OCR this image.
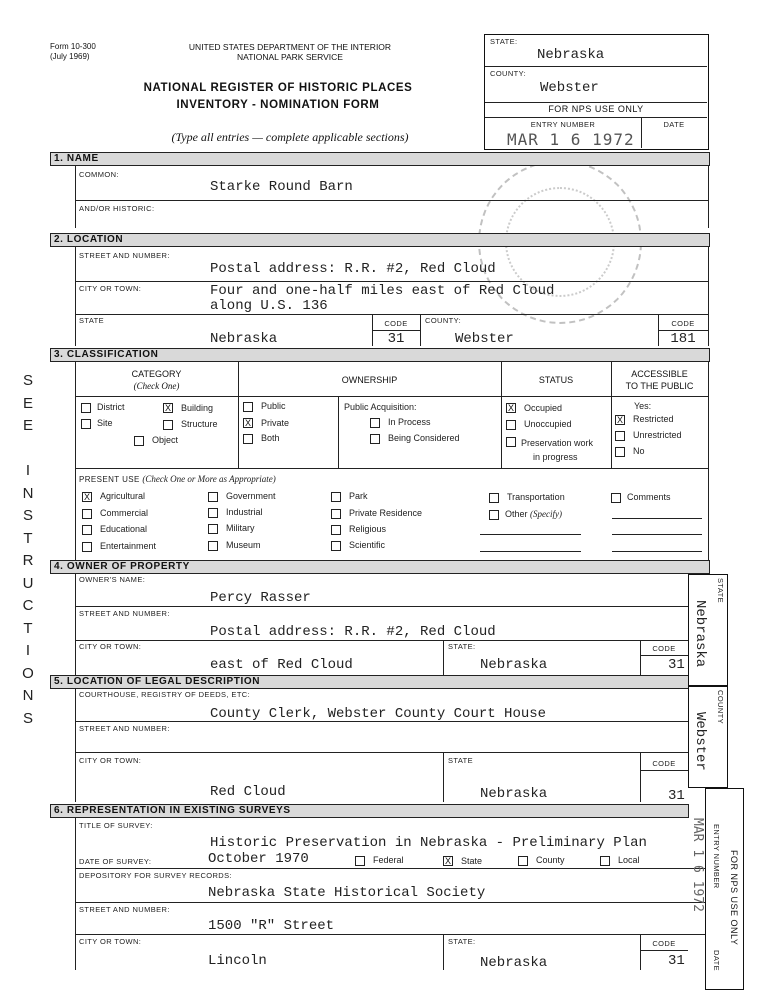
Form 10-300
(July 1969)
UNITED STATES DEPARTMENT OF THE INTERIOR
NATIONAL PARK SERVICE
NATIONAL REGISTER OF HISTORIC PLACES
INVENTORY - NOMINATION FORM
(Type all entries — complete applicable sections)
STATE:
Nebraska
COUNTY:
Webster
FOR NPS USE ONLY
ENTRY NUMBER	DATE
MAR 1 6 1972
S
E
E

I
N
S
T
R
U
C
T
I
O
N
S
1. NAME
COMMON:
Starke Round Barn
AND/OR HISTORIC:
2. LOCATION
STREET AND NUMBER:
Postal address: R.R. #2, Red Cloud
CITY OR TOWN:	Four and one-half miles east of Red Cloud
along U.S. 136
STATE
Nebraska
CODE
31
COUNTY:
Webster
CODE
181
3. CLASSIFICATION
CATEGORY
(Check One)
OWNERSHIP	STATUS
ACCESSIBLE
TO THE PUBLIC
District	X Building
Site	Structure
Object
Public
X Private
Both
Public Acquisition:
In Process
Being Considered
X Occupied
Unoccupied
Preservation work
in progress
Yes:
X Restricted
Unrestricted
No
PRESENT USE (Check One or More as Appropriate)
X Agricultural
Commercial
Educational
Entertainment
Government
Industrial
Military
Museum
Park
Private Residence
Religious
Scientific
Transportation
Other (Specify)
Comments
4. OWNER OF PROPERTY
OWNER'S NAME:
Percy Rasser
STREET AND NUMBER:
Postal address: R.R. #2, Red Cloud
CITY OR TOWN:
east of Red Cloud
STATE:
Nebraska
CODE
31
5. LOCATION OF LEGAL DESCRIPTION
COURTHOUSE, REGISTRY OF DEEDS, ETC:
County Clerk, Webster County Court House
STREET AND NUMBER:
CITY OR TOWN:
Red Cloud
STATE
Nebraska
CODE
31
6. REPRESENTATION IN EXISTING SURVEYS
TITLE OF SURVEY:
Historic Preservation in Nebraska - Preliminary Plan
DATE OF SURVEY:	October 1970	Federal	X State	County	Local
DEPOSITORY FOR SURVEY RECORDS:
Nebraska State Historical Society
STREET AND NUMBER:
1500 "R" Street
CITY OR TOWN:
Lincoln
STATE:
Nebraska
CODE
31
STATE
Nebraska
COUNTY
Webster
FOR NPS USE ONLY
ENTRY NUMBER
MAR 1 6 1972
DATE
